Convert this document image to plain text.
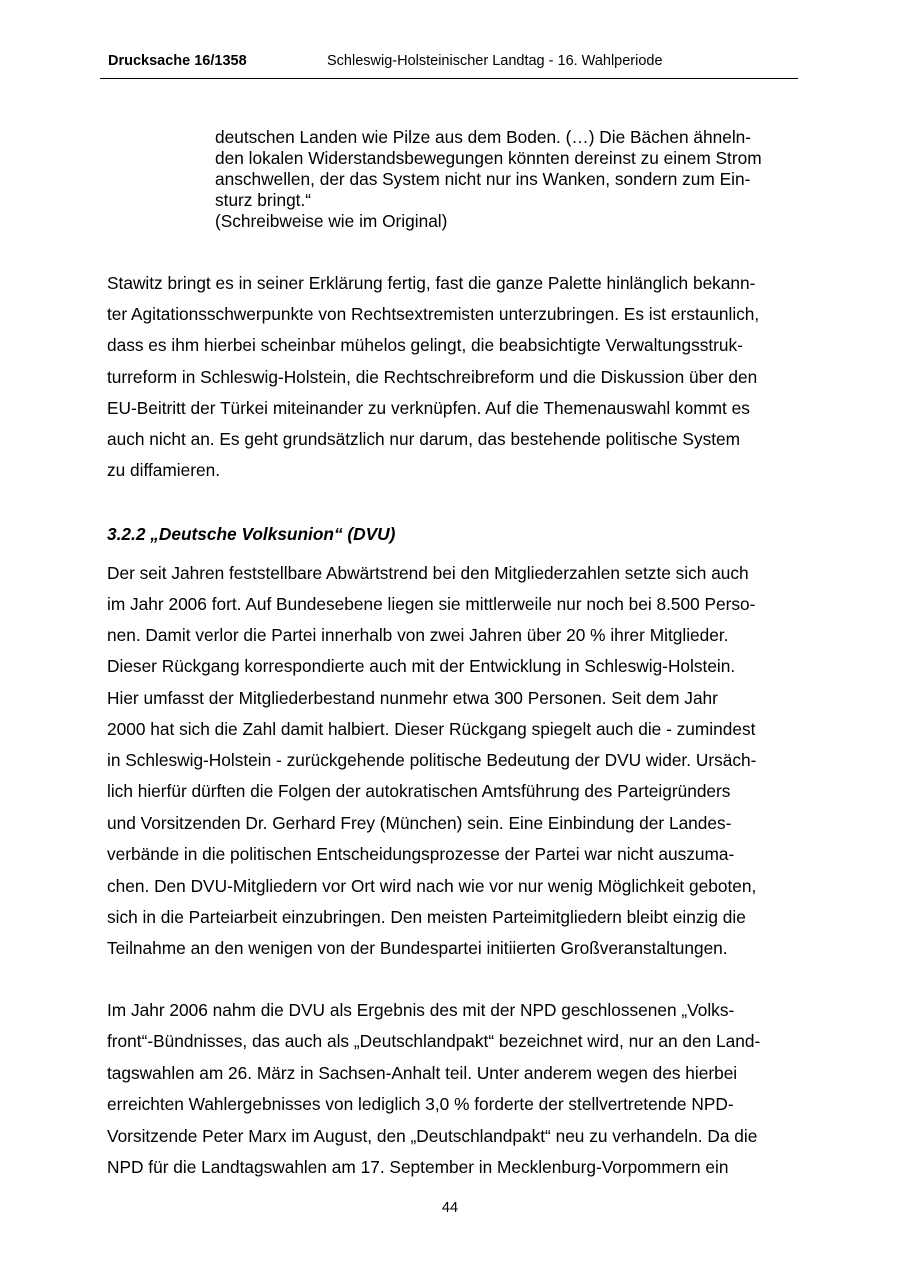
Drucksache 16/1358	Schleswig-Holsteinischer Landtag - 16. Wahlperiode
deutschen Landen wie Pilze aus dem Boden. (…) Die Bächen ähneln-
den lokalen Widerstandsbewegungen könnten dereinst zu einem Strom
anschwellen, der das System nicht nur ins Wanken, sondern zum Ein-
sturz bringt.“
(Schreibweise wie im Original)
Stawitz bringt es in seiner Erklärung fertig, fast die ganze Palette hinlänglich bekann-
ter Agitationsschwerpunkte von Rechtsextremisten unterzubringen. Es ist erstaunlich,
dass es ihm hierbei scheinbar mühelos gelingt, die beabsichtigte Verwaltungsstruk-
turreform in Schleswig-Holstein, die Rechtschreibreform und die Diskussion über den
EU-Beitritt der Türkei miteinander zu verknüpfen. Auf die Themenauswahl kommt es
auch nicht an. Es geht grundsätzlich nur darum, das bestehende politische System
zu diffamieren.
3.2.2 „Deutsche Volksunion“ (DVU)
Der seit Jahren feststellbare Abwärtstrend bei den Mitgliederzahlen setzte sich auch
im Jahr 2006 fort. Auf Bundesebene liegen sie mittlerweile nur noch bei 8.500 Perso-
nen. Damit verlor die Partei innerhalb von zwei Jahren über 20 % ihrer Mitglieder.
Dieser Rückgang korrespondierte auch mit der Entwicklung in Schleswig-Holstein.
Hier umfasst der Mitgliederbestand nunmehr etwa 300 Personen. Seit dem Jahr
2000 hat sich die Zahl damit halbiert. Dieser Rückgang spiegelt auch die - zumindest
in Schleswig-Holstein - zurückgehende politische Bedeutung der DVU wider. Ursäch-
lich hierfür dürften die Folgen der autokratischen Amtsführung des Parteigründers
und Vorsitzenden Dr. Gerhard Frey (München) sein. Eine Einbindung der Landes-
verbände in die politischen Entscheidungsprozesse der Partei war nicht auszuma-
chen. Den DVU-Mitgliedern vor Ort wird nach wie vor nur wenig Möglichkeit geboten,
sich in die Parteiarbeit einzubringen. Den meisten Parteimitgliedern bleibt einzig die
Teilnahme an den wenigen von der Bundespartei initiierten Großveranstaltungen.
Im Jahr 2006 nahm die DVU als Ergebnis des mit der NPD geschlossenen „Volks-
front“-Bündnisses, das auch als „Deutschlandpakt“ bezeichnet wird, nur an den Land-
tagswahlen am 26. März in Sachsen-Anhalt teil. Unter anderem wegen des hierbei
erreichten Wahlergebnisses von lediglich 3,0 % forderte der stellvertretende NPD-
Vorsitzende Peter Marx im August, den „Deutschlandpakt“ neu zu verhandeln. Da die
NPD für die Landtagswahlen am 17. September in Mecklenburg-Vorpommern ein
44
